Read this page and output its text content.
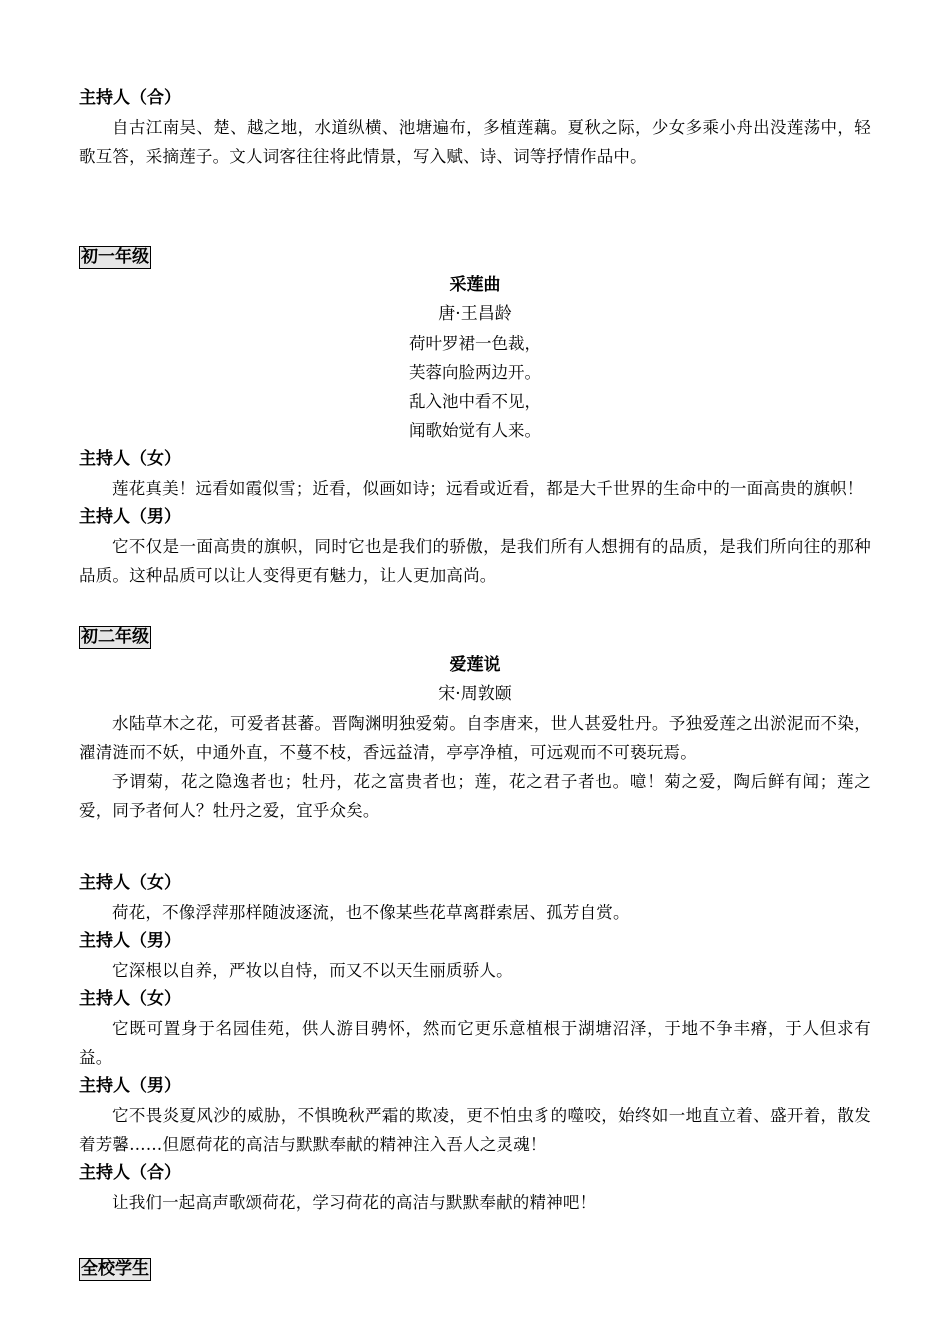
主持人（合）

自古江南吴、楚、越之地，水道纵横、池塘遍布，多植莲藕。夏秋之际，少女多乘小舟出没莲荡中，轻歌互答，采摘莲子。文人词客往往将此情景，写入赋、诗、词等抒情作品中。

初一年级
采莲曲
唐·王昌龄
荷叶罗裙一色裁，
芙蓉向脸两边开。
乱入池中看不见，
闻歌始觉有人来。

主持人（女）

莲花真美！远看如霞似雪；近看，似画如诗；远看或近看，都是大千世界的生命中的一面高贵的旗帜！

主持人（男）

它不仅是一面高贵的旗帜，同时它也是我们的骄傲，是我们所有人想拥有的品质，是我们所向往的那种品质。这种品质可以让人变得更有魅力，让人更加高尚。

初二年级
爱莲说
宋·周敦颐

水陆草木之花，可爱者甚蕃。晋陶渊明独爱菊。自李唐来，世人甚爱牡丹。予独爱莲之出淤泥而不染，濯清涟而不妖，中通外直，不蔓不枝，香远益清，亭亭净植，可远观而不可亵玩焉。

予谓菊，花之隐逸者也；牡丹，花之富贵者也；莲，花之君子者也。噫！菊之爱，陶后鲜有闻；莲之爱，同予者何人？牡丹之爱，宜乎众矣。

主持人（女）

荷花，不像浮萍那样随波逐流，也不像某些花草离群索居、孤芳自赏。

主持人（男）

它深根以自养，严妆以自恃，而又不以天生丽质骄人。

主持人（女）

它既可置身于名园佳苑，供人游目骋怀，然而它更乐意植根于湖塘沼泽，于地不争丰瘠，于人但求有益。

主持人（男）

它不畏炎夏风沙的威胁，不惧晚秋严霜的欺凌，更不怕虫豸的噬咬，始终如一地直立着、盛开着，散发着芳馨……但愿荷花的高洁与默默奉献的精神注入吾人之灵魂！

主持人（合）

让我们一起高声歌颂荷花，学习荷花的高洁与默默奉献的精神吧！

全校学生
